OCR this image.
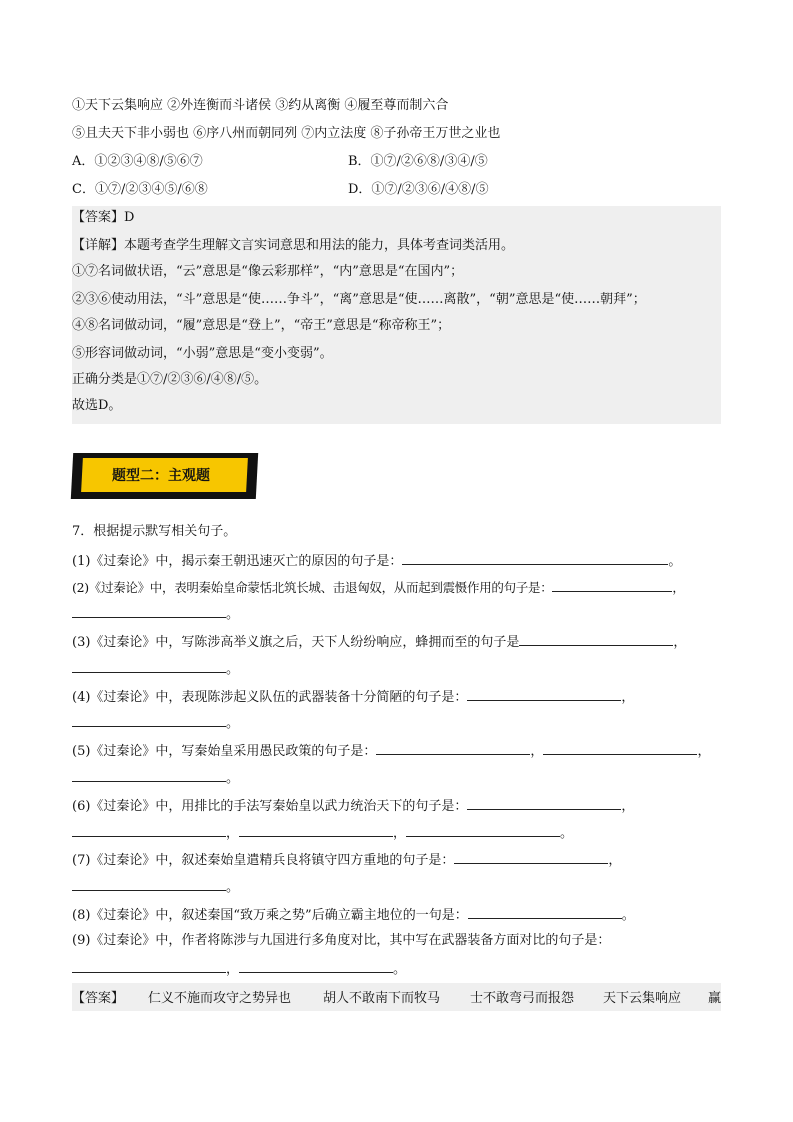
①天下云集响应 ②外连衡而斗诸侯 ③约从离衡 ④履至尊而制六合
⑤且夫天下非小弱也 ⑥序八州而朝同列 ⑦内立法度 ⑧子孙帝王万世之业也
A．①②③④⑧/⑤⑥⑦	B．①⑦/②⑥⑧/③④/⑤
C．①⑦/②③④⑤/⑥⑧	D．①⑦/②③⑥/④⑧/⑤
【答案】D
【详解】本题考查学生理解文言实词意思和用法的能力，具体考查词类活用。
①⑦名词做状语，“云”意思是“像云彩那样”，“内”意思是“在国内”；
②③⑥使动用法，“斗”意思是“使……争斗”，“离”意思是“使……离散”，“朝”意思是“使……朝拜”；
④⑧名词做动词，“履”意思是“登上”，“帝王”意思是“称帝称王”；
⑤形容词做动词，“小弱”意思是“变小变弱”。
正确分类是①⑦/②③⑥/④⑧/⑤。
故选D。
题型二：主观题
7．根据提示默写相关句子。
(1)《过秦论》中，揭示秦王朝迅速灭亡的原因的句子是：	。
(2)《过秦论》中，表明秦始皇命蒙恬北筑长城、击退匈奴，从而起到震慑作用的句子是：	，
。
(3)《过秦论》中，写陈涉高举义旗之后，天下人纷纷响应，蜂拥而至的句子是	，
。
(4)《过秦论》中，表现陈涉起义队伍的武器装备十分简陋的句子是：	，
。
(5)《过秦论》中，写秦始皇采用愚民政策的句子是：	，	，
。
(6)《过秦论》中，用排比的手法写秦始皇以武力统治天下的句子是：	，
，	，	。
(7)《过秦论》中，叙述秦始皇遣精兵良将镇守四方重地的句子是：	，
。
(8)《过秦论》中，叙述秦国“致万乘之势”后确立霸主地位的一句是：	。
(9)《过秦论》中，作者将陈涉与九国进行多角度对比，其中写在武器装备方面对比的句子是：
，	。
【答案】 仁义不施而攻守之势异也 胡人不敢南下而牧马 士不敢弯弓而报怨 天下云集响应 赢
